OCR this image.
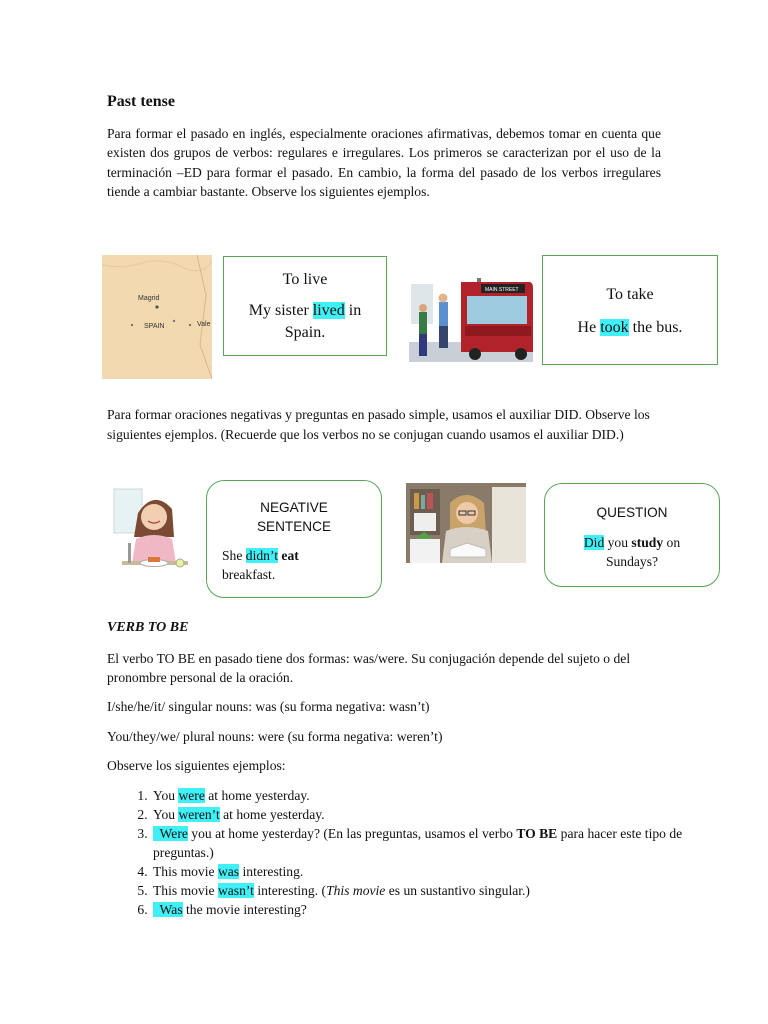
Past tense
Para formar el pasado en inglés, especialmente oraciones afirmativas, debemos tomar en cuenta que existen dos grupos de verbos: regulares e irregulares. Los primeros se caracterizan por el uso de la terminación –ED para formar el pasado. En cambio, la forma del pasado de los verbos irregulares tiende a cambiar bastante. Observe los siguientes ejemplos.
Magrid
SPAIN	Vale
To live
My sister lived in
Spain.
MAIN STREET	To take
He took the bus.
Para formar oraciones negativas y preguntas en pasado simple, usamos el auxiliar DID. Observe los siguientes ejemplos. (Recuerde que los verbos no se conjugan cuando usamos el auxiliar DID.)
NEGATIVE
SENTENCE
She didn’t eat
breakfast.
QUESTION
Did you study on
Sundays?
VERB TO BE
El verbo TO BE en pasado tiene dos formas: was/were. Su conjugación depende del sujeto o del pronombre personal de la oración.
I/she/he/it/ singular nouns: was (su forma negativa: wasn’t)
You/they/we/ plural nouns: were (su forma negativa: weren’t)
Observe los siguientes ejemplos:
1. You were at home yesterday.
2. You weren’t at home yesterday.
3.   Were you at home yesterday? (En las preguntas, usamos el verbo TO BE para hacer este tipo de preguntas.)
4. This movie was interesting.
5. This movie wasn’t interesting. (This movie es un sustantivo singular.)
6.   Was the movie interesting?
